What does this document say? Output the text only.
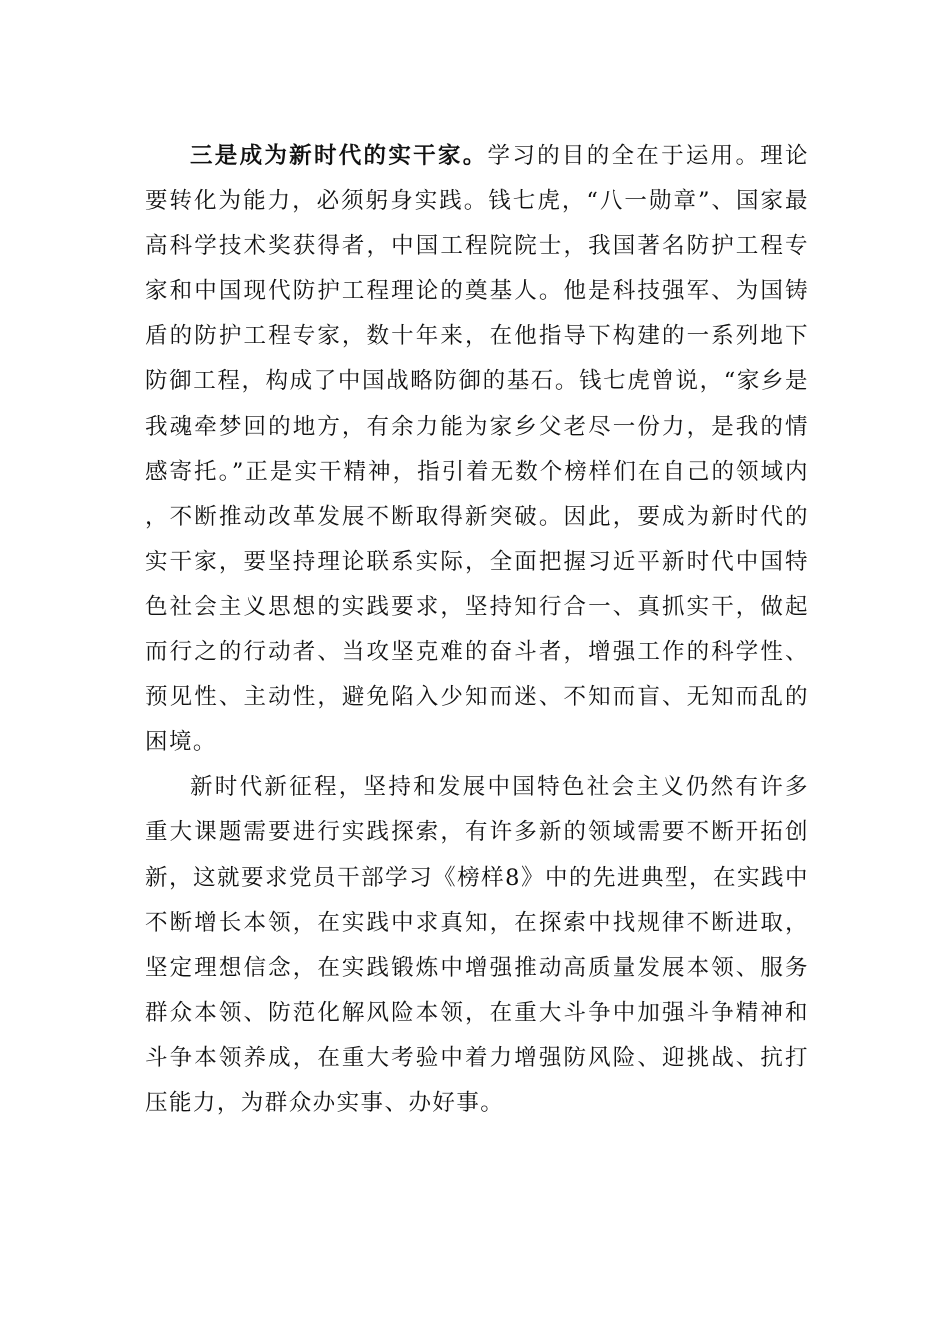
三是成为新时代的实干家。学习的目的全在于运用。理论要转化为能力，必须躬身实践。钱七虎，“八一勋章”、国家最高科学技术奖获得者，中国工程院院士，我国著名防护工程专家和中国现代防护工程理论的奠基人。他是科技强军、为国铸盾的防护工程专家，数十年来，在他指导下构建的一系列地下防御工程，构成了中国战略防御的基石。钱七虎曾说，“家乡是我魂牵梦回的地方，有余力能为家乡父老尽一份力，是我的情感寄托。”正是实干精神，指引着无数个榜样们在自己的领域内，不断推动改革发展不断取得新突破。因此，要成为新时代的实干家，要坚持理论联系实际，全面把握习近平新时代中国特色社会主义思想的实践要求，坚持知行合一、真抓实干，做起而行之的行动者、当攻坚克难的奋斗者，增强工作的科学性、预见性、主动性，避免陷入少知而迷、不知而盲、无知而乱的困境。

新时代新征程，坚持和发展中国特色社会主义仍然有许多重大课题需要进行实践探索，有许多新的领域需要不断开拓创新，这就要求党员干部学习《榜样8》中的先进典型，在实践中不断增长本领，在实践中求真知，在探索中找规律不断进取，坚定理想信念，在实践锻炼中增强推动高质量发展本领、服务群众本领、防范化解风险本领，在重大斗争中加强斗争精神和斗争本领养成，在重大考验中着力增强防风险、迎挑战、抗打压能力，为群众办实事、办好事。
